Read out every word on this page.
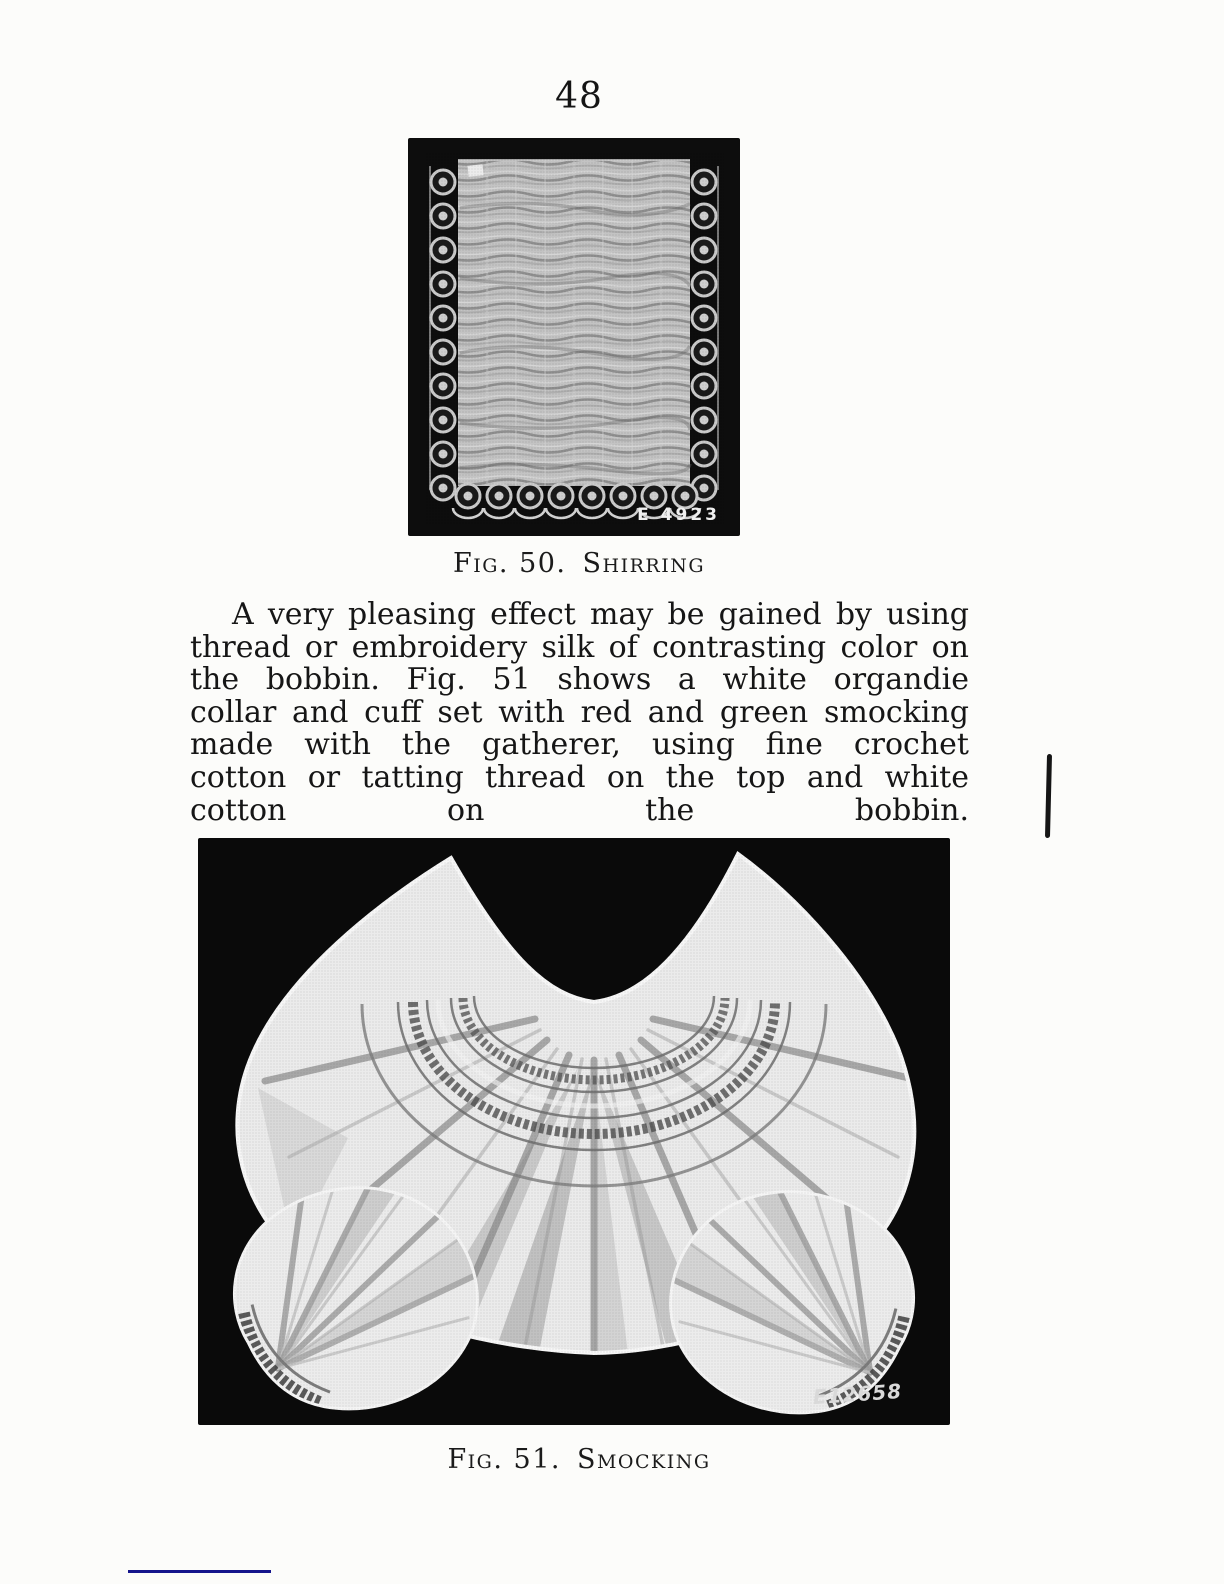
48
E 4923
Fig. 50. Shirring
A very pleasing effect may be gained by using thread or embroidery silk of contrasting color on the bobbin. Fig. 51 shows a white organdie collar and cuff set with red and green smocking made with the gatherer, using fine crochet cotton or tatting thread on the top and white cotton on the bobbin.
E12658
Fig. 51. Smocking
